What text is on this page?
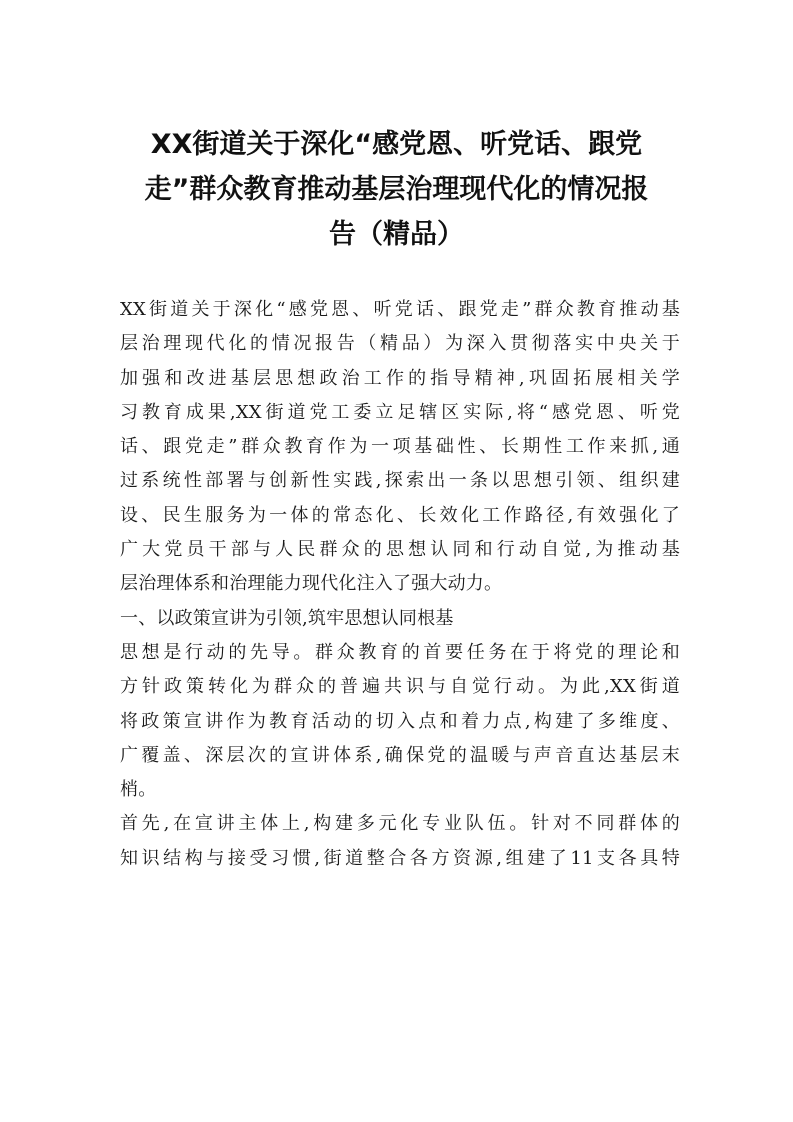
XX街道关于深化“感党恩、听党话、跟党
走”群众教育推动基层治理现代化的情况报
告（精品）
XX街道关于深化“感党恩、听党话、跟党走”群众教育推动基
层治理现代化的情况报告（精品）为深入贯彻落实中央关于
加强和改进基层思想政治工作的指导精神,巩固拓展相关学
习教育成果,XX街道党工委立足辖区实际,将“感党恩、听党
话、跟党走”群众教育作为一项基础性、长期性工作来抓,通
过系统性部署与创新性实践,探索出一条以思想引领、组织建
设、民生服务为一体的常态化、长效化工作路径,有效强化了
广大党员干部与人民群众的思想认同和行动自觉,为推动基
层治理体系和治理能力现代化注入了强大动力。
一、以政策宣讲为引领,筑牢思想认同根基
思想是行动的先导。群众教育的首要任务在于将党的理论和
方针政策转化为群众的普遍共识与自觉行动。为此,XX街道
将政策宣讲作为教育活动的切入点和着力点,构建了多维度、
广覆盖、深层次的宣讲体系,确保党的温暖与声音直达基层末
梢。
首先,在宣讲主体上,构建多元化专业队伍。针对不同群体的
知识结构与接受习惯,街道整合各方资源,组建了11支各具特
